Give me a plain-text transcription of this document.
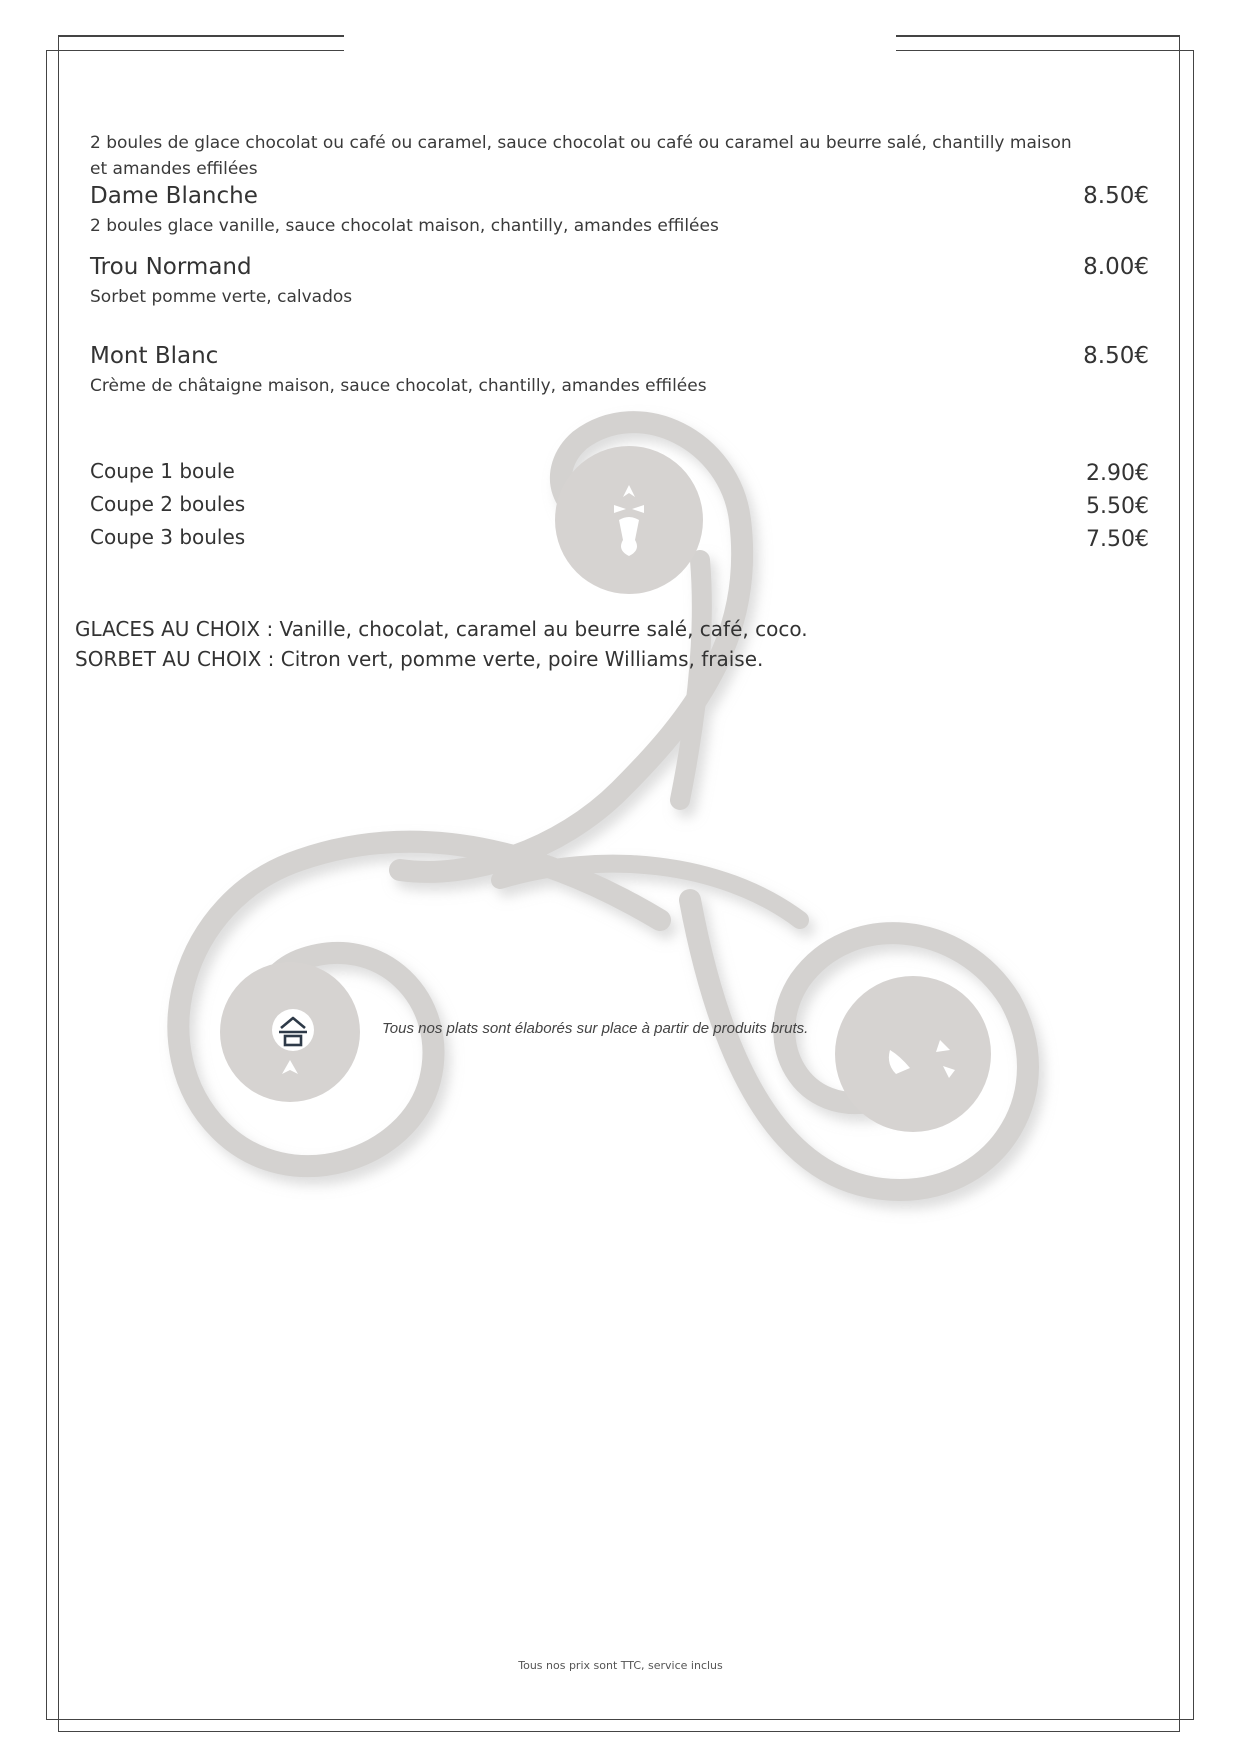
2 boules de glace chocolat ou café ou caramel, sauce chocolat ou café ou caramel au beurre salé, chantilly maison et amandes effilées
Dame Blanche	8.50€
2 boules glace vanille, sauce chocolat maison, chantilly, amandes effilées
Trou Normand	8.00€
Sorbet pomme verte, calvados
Mont Blanc	8.50€
Crème de châtaigne maison, sauce chocolat, chantilly, amandes effilées
Coupe 1 boule	2.90€
Coupe 2 boules	5.50€
Coupe 3 boules	7.50€
GLACES AU CHOIX : Vanille, chocolat, caramel au beurre salé, café, coco.
SORBET AU CHOIX : Citron vert, pomme verte, poire Williams, fraise.
Tous nos plats sont élaborés sur place à partir de produits bruts.
Tous nos prix sont TTC, service inclus
